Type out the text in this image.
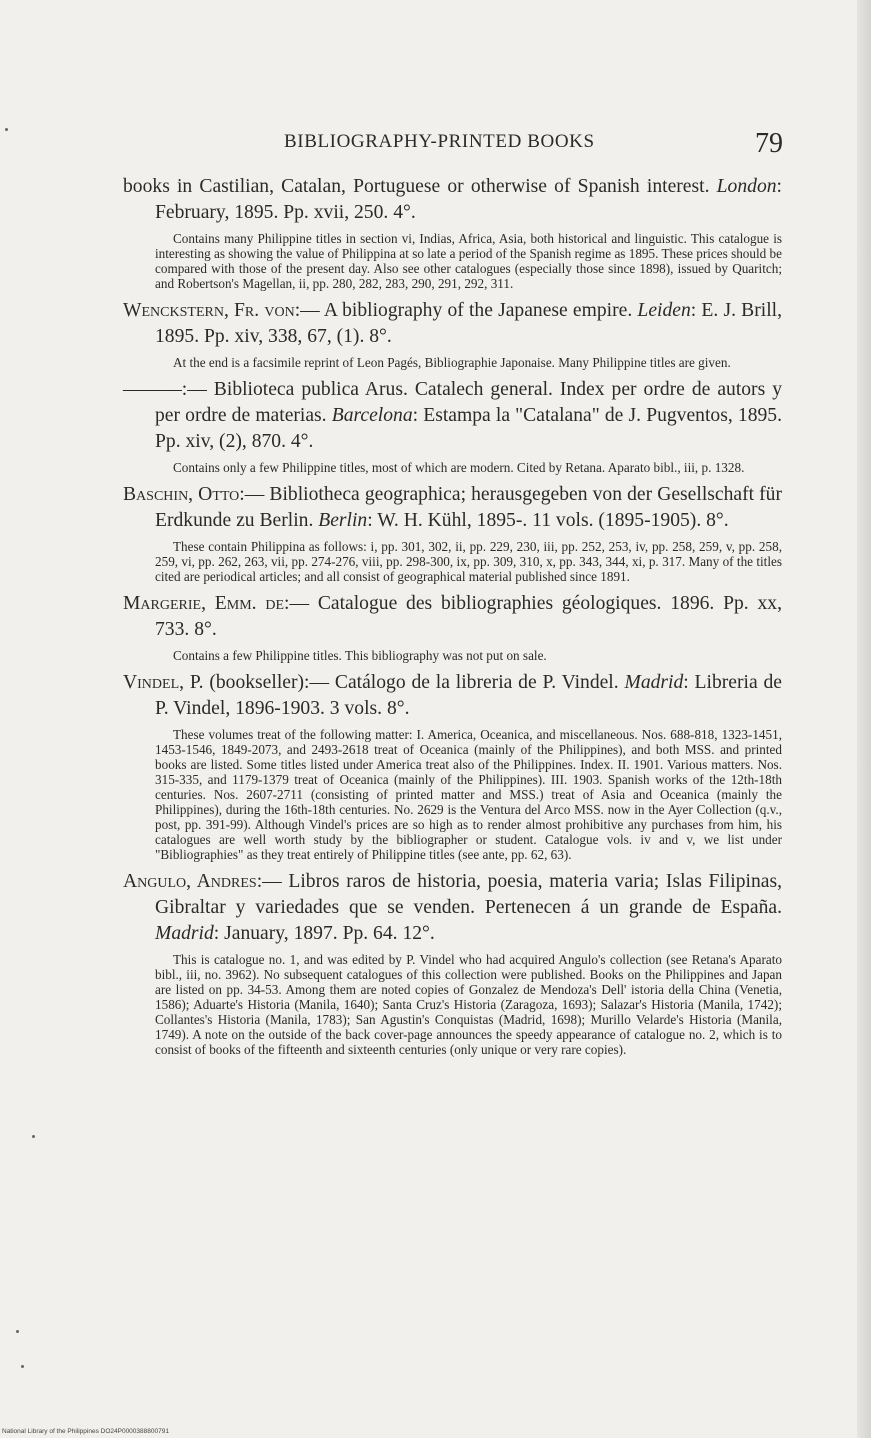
BIBLIOGRAPHY-PRINTED BOOKS	79
books in Castilian, Catalan, Portuguese or otherwise of Spanish interest. London: February, 1895. Pp. xvii, 250. 4°.
Contains many Philippine titles in section vi, Indias, Africa, Asia, both historical and linguistic. This catalogue is interesting as showing the value of Philippina at so late a period of the Spanish regime as 1895. These prices should be compared with those of the present day. Also see other catalogues (especially those since 1898), issued by Quaritch; and Robertson's Magellan, ii, pp. 280, 282, 283, 290, 291, 292, 311.
Wenckstern, Fr. von:— A bibliography of the Japanese empire. Leiden: E. J. Brill, 1895. Pp. xiv, 338, 67, (1). 8°.
At the end is a facsimile reprint of Leon Pagés, Bibliographie Japonaise. Many Philippine titles are given.
———:— Biblioteca publica Arus. Catalech general. Index per ordre de autors y per ordre de materias. Barcelona: Estampa la "Catalana" de J. Pugventos, 1895. Pp. xiv, (2), 870. 4°.
Contains only a few Philippine titles, most of which are modern. Cited by Retana. Aparato bibl., iii, p. 1328.
Baschin, Otto:— Bibliotheca geographica; herausgegeben von der Gesellschaft für Erdkunde zu Berlin. Berlin: W. H. Kühl, 1895-. 11 vols. (1895-1905). 8°.
These contain Philippina as follows: i, pp. 301, 302, ii, pp. 229, 230, iii, pp. 252, 253, iv, pp. 258, 259, v, pp. 258, 259, vi, pp. 262, 263, vii, pp. 274-276, viii, pp. 298-300, ix, pp. 309, 310, x, pp. 343, 344, xi, p. 317. Many of the titles cited are periodical articles; and all consist of geographical material published since 1891.
Margerie, Emm. de:— Catalogue des bibliographies géologiques. 1896. Pp. xx, 733. 8°.
Contains a few Philippine titles. This bibliography was not put on sale.
Vindel, P. (bookseller):— Catálogo de la libreria de P. Vindel. Madrid: Libreria de P. Vindel, 1896-1903. 3 vols. 8°.
These volumes treat of the following matter: I. America, Oceanica, and miscellaneous. Nos. 688-818, 1323-1451, 1453-1546, 1849-2073, and 2493-2618 treat of Oceanica (mainly of the Philippines), and both MSS. and printed books are listed. Some titles listed under America treat also of the Philippines. Index. II. 1901. Various matters. Nos. 315-335, and 1179-1379 treat of Oceanica (mainly of the Philippines). III. 1903. Spanish works of the 12th-18th centuries. Nos. 2607-2711 (consisting of printed matter and MSS.) treat of Asia and Oceanica (mainly the Philippines), during the 16th-18th centuries. No. 2629 is the Ventura del Arco MSS. now in the Ayer Collection (q.v., post, pp. 391-99). Although Vindel's prices are so high as to render almost prohibitive any purchases from him, his catalogues are well worth study by the bibliographer or student. Catalogue vols. iv and v, we list under "Bibliographies" as they treat entirely of Philippine titles (see ante, pp. 62, 63).
Angulo, Andres:— Libros raros de historia, poesia, materia varia; Islas Filipinas, Gibraltar y variedades que se venden. Pertenecen á un grande de España. Madrid: January, 1897. Pp. 64. 12°.
This is catalogue no. 1, and was edited by P. Vindel who had acquired Angulo's collection (see Retana's Aparato bibl., iii, no. 3962). No subsequent catalogues of this collection were published. Books on the Philippines and Japan are listed on pp. 34-53. Among them are noted copies of Gonzalez de Mendoza's Dell' istoria della China (Venetia, 1586); Aduarte's Historia (Manila, 1640); Santa Cruz's Historia (Zaragoza, 1693); Salazar's Historia (Manila, 1742); Collantes's Historia (Manila, 1783); San Agustin's Conquistas (Madrid, 1698); Murillo Velarde's Historia (Manila, 1749). A note on the outside of the back cover-page announces the speedy appearance of catalogue no. 2, which is to consist of books of the fifteenth and sixteenth centuries (only unique or very rare copies).
National Library of the Philippines DO24P0000388800791
